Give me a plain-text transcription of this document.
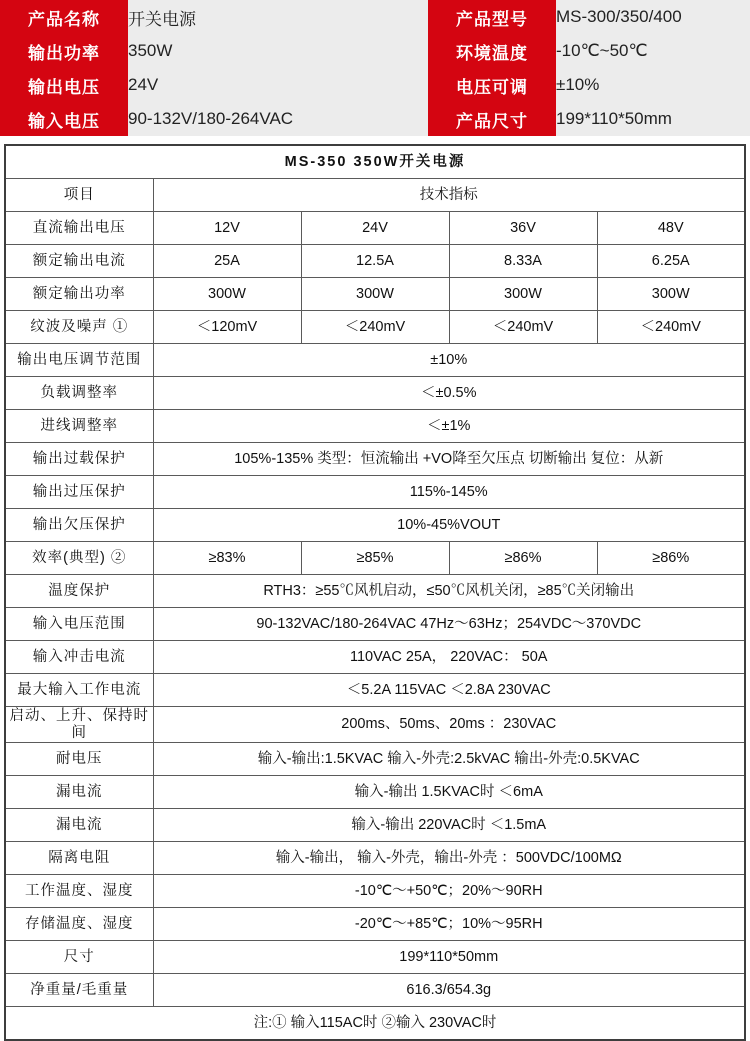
产品名称	开关电源	产品型号	MS-300/350/400
输出功率	350W	环境温度	-10℃~50℃
输出电压	24V	电压可调	±10%
输入电压	90-132V/180-264VAC	产品尺寸	199*110*50mm
MS-350 350W开关电源				
项目	技术指标			
直流输出电压	12V	24V	36V	48V
额定输出电流	25A	12.5A	8.33A	6.25A
额定输出功率	300W	300W	300W	300W
纹波及噪声 ①	＜120mV	＜240mV	＜240mV	＜240mV
输出电压调节范围	±10%			
负载调整率	＜±0.5%			
进线调整率	＜±1%			
输出过载保护	105%-135% 类型：恒流输出 +VO降至欠压点 切断输出 复位：从新			
输出过压保护	115%-145%			
输出欠压保护	10%-45%VOUT			
效率(典型) ②	≥83%	≥85%	≥86%	≥86%
温度保护	RTH3：≥55℃风机启动，≤50℃风机关闭，≥85℃关闭输出			
输入电压范围	90-132VAC/180-264VAC 47Hz～63Hz；254VDC～370VDC			
输入冲击电流	110VAC 25A， 220VAC： 50A			
最大输入工作电流	＜5.2A 115VAC ＜2.8A 230VAC			
启动、上升、保持时间	200ms、50ms、20ms ：230VAC			
耐电压	输入-输出:1.5KVAC 输入-外壳:2.5kVAC 输出-外壳:0.5KVAC			
漏电流	输入-输出 1.5KVAC时 ＜6mA			
漏电流	输入-输出 220VAC时 ＜1.5mA			
隔离电阻	输入-输出， 输入-外壳，输出-外壳 ：500VDC/100MΩ			
工作温度、湿度	-10℃～+50℃；20%～90RH			
存储温度、湿度	-20℃～+85℃；10%～95RH			
尺寸	199*110*50mm			
净重量/毛重量	616.3/654.3g			
注:① 输入115AC时 ②输入 230VAC时				
